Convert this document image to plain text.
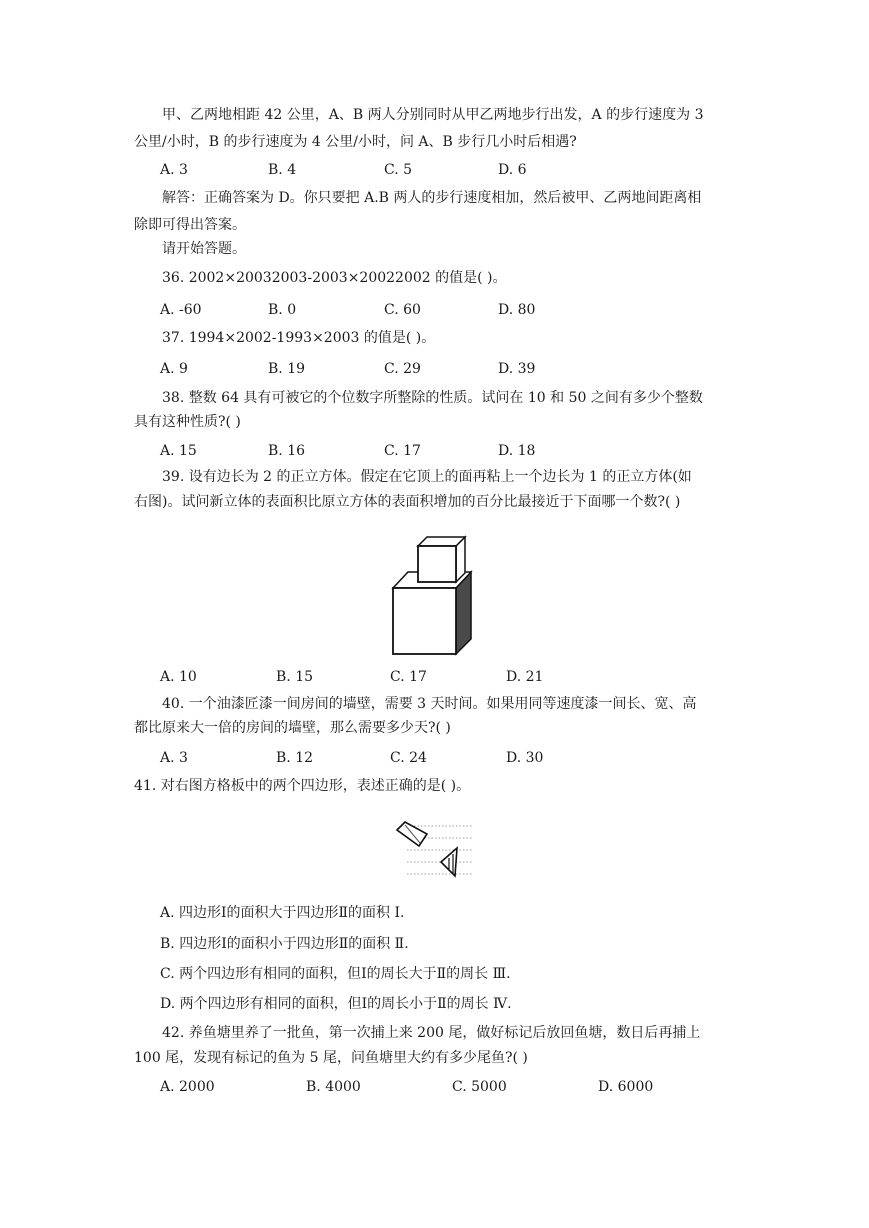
甲、乙两地相距 42 公里，A、B 两人分别同时从甲乙两地步行出发，A 的步行速度为 3
公里/小时，B 的步行速度为 4 公里/小时，问 A、B 步行几小时后相遇?
A. 3	B. 4	C. 5	D. 6
解答：正确答案为 D。你只要把 A.B 两人的步行速度相加，然后被甲、乙两地间距离相
除即可得出答案。
请开始答题。
36. 2002×20032003-2003×20022002 的值是( )。
A. -60	B. 0	C. 60	D. 80
37. 1994×2002-1993×2003 的值是( )。
A. 9	B. 19	C. 29	D. 39
38. 整数 64 具有可被它的个位数字所整除的性质。试问在 10 和 50 之间有多少个整数
具有这种性质?( )
A. 15	B. 16	C. 17	D. 18
39. 设有边长为 2 的正立方体。假定在它顶上的面再粘上一个边长为 1 的正立方体(如
右图)。试问新立体的表面积比原立方体的表面积增加的百分比最接近于下面哪一个数?( )
A. 10	B. 15	C. 17	D. 21
40. 一个油漆匠漆一间房间的墙壁，需要 3 天时间。如果用同等速度漆一间长、宽、高
都比原来大一倍的房间的墙壁，那么需要多少天?( )
A. 3	B. 12	C. 24	D. 30
41. 对右图方格板中的两个四边形，表述正确的是( )。
A. 四边形Ⅰ的面积大于四边形Ⅱ的面积 Ⅰ.
B. 四边形Ⅰ的面积小于四边形Ⅱ的面积 Ⅱ.
C. 两个四边形有相同的面积，但Ⅰ的周长大于Ⅱ的周长 Ⅲ.
D. 两个四边形有相同的面积，但Ⅰ的周长小于Ⅱ的周长 Ⅳ.
42. 养鱼塘里养了一批鱼，第一次捕上来 200 尾，做好标记后放回鱼塘，数日后再捕上
100 尾，发现有标记的鱼为 5 尾，问鱼塘里大约有多少尾鱼?( )
A. 2000	B. 4000	C. 5000	D. 6000
